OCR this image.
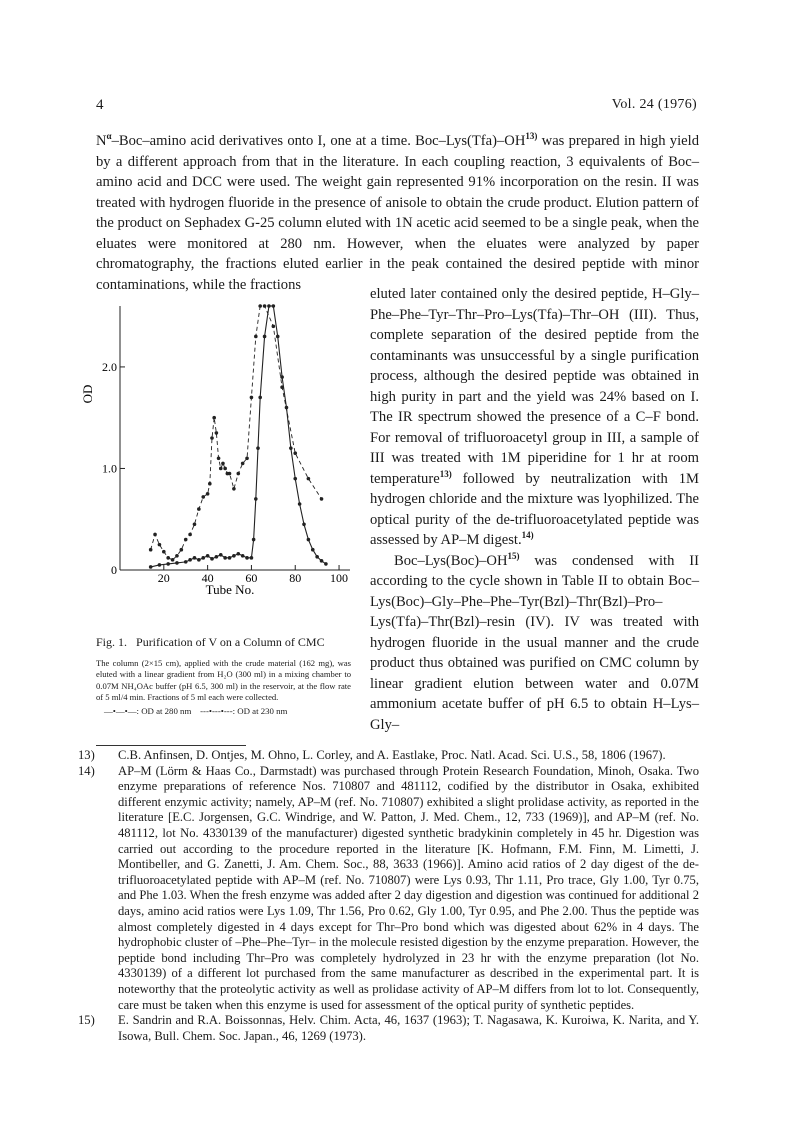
4	Vol. 24 (1976)
$N^\alpha-Boc$–amino acid derivatives onto I, one at a time. Boc–Lys(Tfa)–OH$^{13)}$ was prepared in high yield by a different approach from that in the literature. In each coupling reaction, 3 equivalents of Boc–amino acid and DCC were used. The weight gain represented 91% incorporation on the resin. II was treated with hydrogen fluoride in the presence of anisole to obtain the crude product. Elution pattern of the product on Sephadex G-25 column eluted with 1N acetic acid seemed to be a single peak, when the eluates were monitored at 280 nm. However, when the eluates were analyzed by paper chromatography, the fractions eluted earlier in the peak contained the desired peptide with minor contaminations, while the fractions

eluted later contained only the desired peptide, H–Gly–Phe–Phe–Tyr–Thr–Pro–Lys(Tfa)–Thr–OH (III). Thus, complete separation of the desired peptide from the contaminants was unsuccessful by a single purification process, although the desired peptide was obtained in high purity in part and the yield was 24% based on I. The IR spectrum showed the presence of a C–F bond. For removal of trifluoroacetyl group in III, a sample of III was treated with 1M piperidine for 1 hr at room temperature$^{13)}$ followed by neutralization with 1M hydrogen chloride and the mixture was lyophilized. The optical purity of the de-trifluoroacetylated peptide was assessed by AP–M digest.$^{14)}$

Boc–Lys(Boc)–OH$^{15)}$ was condensed with II according to the cycle shown in Table II to obtain Boc–Lys(Boc)–Gly–Phe–Phe–Tyr(Bzl)–Thr(Bzl)–Pro–Lys(Tfa)–Thr(Bzl)–resin (IV). IV was treated with hydrogen fluoride in the usual manner and the crude product thus obtained was purified on CMC column by linear gradient elution between water and 0.07M ammonium acetate buffer of pH 6.5 to obtain H–Lys–Gly–

OD
Tube No.
20	40	60	80 100
0
1.0
2.0
Fig. 1. Purification of V on a Column of CMC
The column (2×15 cm), applied with the crude material (162 mg), was eluted with a linear gradient from H₂O (300 ml) in a mixing chamber to 0.07M NH₄OAc buffer (pH 6.5, 300 ml) in the reservoir, at the flow rate of 5 ml/4 min. Fractions of 5 ml each were collected.
—•—•—: OD at 280 nm ---•---•---: OD at 230 nm

13) C.B. Anfinsen, D. Ontjes, M. Ohno, L. Corley, and A. Eastlake, Proc. Natl. Acad. Sci. U.S., 58, 1806 (1967).

14) AP–M (Lörm & Haas Co., Darmstadt) was purchased through Protein Research Foundation, Minoh, Osaka. Two enzyme preparations of reference Nos. 710807 and 481112, codified by the distributor in Osaka, exhibited different enzymic activity; namely, AP–M (ref. No. 710807) exhibited a slight prolidase activity, as reported in the literature [E.C. Jorgensen, G.C. Windrige, and W. Patton, J. Med. Chem., 12, 733 (1969)], and AP–M (ref. No. 481112, lot No. 4330139 of the manufacturer) digested synthetic bradykinin completely in 45 hr. Digestion was carried out according to the procedure reported in the literature [K. Hofmann, F.M. Finn, M. Limetti, J. Montibeller, and G. Zanetti, J. Am. Chem. Soc., 88, 3633 (1966)]. Amino acid ratios of 2 day digest of the de-trifluoroacetylated peptide with AP–M (ref. No. 710807) were Lys 0.93, Thr 1.11, Pro trace, Gly 1.00, Tyr 0.75, and Phe 1.03. When the fresh enzyme was added after 2 day digestion and digestion was continued for additional 2 days, amino acid ratios were Lys 1.09, Thr 1.56, Pro 0.62, Gly 1.00, Tyr 0.95, and Phe 2.00. Thus the peptide was almost completely digested in 4 days except for Thr–Pro bond which was digested about 62% in 4 days. The hydrophobic cluster of –Phe–Phe–Tyr– in the molecule resisted digestion by the enzyme preparation. However, the peptide bond including Thr–Pro was completely hydrolyzed in 23 hr with the enzyme preparation (lot No. 4330139) of a different lot purchased from the same manufacturer as described in the experimental part. It is noteworthy that the proteolytic activity as well as prolidase activity of AP–M differs from lot to lot. Consequently, care must be taken when this enzyme is used for assessment of the optical purity of synthetic peptides.

15) E. Sandrin and R.A. Boissonnas, Helv. Chim. Acta, 46, 1637 (1963); T. Nagasawa, K. Kuroiwa, K. Narita, and Y. Isowa, Bull. Chem. Soc. Japan., 46, 1269 (1973).
